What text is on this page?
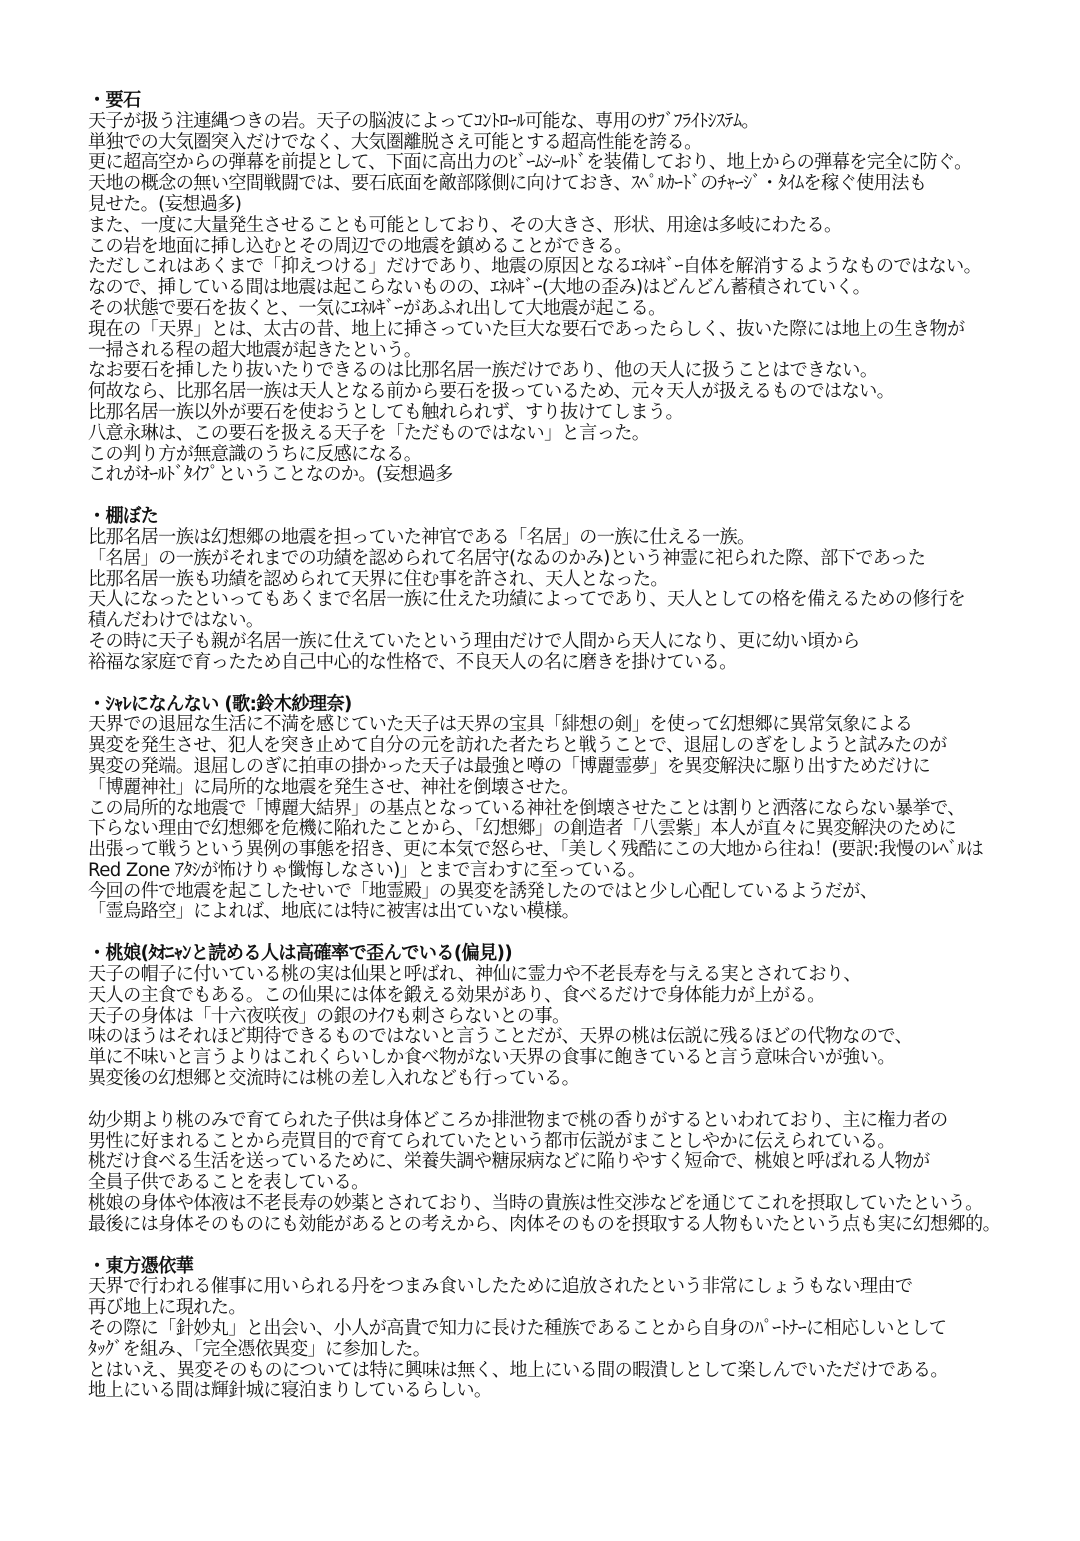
・要石
天子が扱う注連縄つきの岩。天子の脳波によってｺﾝﾄﾛｰﾙ可能な、専用のｻﾌﾞﾌﾗｲﾄｼｽﾃﾑ。
単独での大気圏突入だけでなく、大気圏離脱さえ可能とする超高性能を誇る。
更に超高空からの弾幕を前提として、下面に高出力のﾋﾞｰﾑｼｰﾙﾄﾞを装備しており、地上からの弾幕を完全に防ぐ。
天地の概念の無い空間戦闘では、要石底面を敵部隊側に向けておき、ｽﾍﾟﾙｶｰﾄﾞのﾁｬｰｼﾞ・ﾀｲﾑを稼ぐ使用法も
見せた。(妄想過多)
また、一度に大量発生させることも可能としており、その大きさ、形状、用途は多岐にわたる。
この岩を地面に挿し込むとその周辺での地震を鎮めることができる。
ただしこれはあくまで「抑えつける」だけであり、地震の原因となるｴﾈﾙｷﾞｰ自体を解消するようなものではない。
なので、挿している間は地震は起こらないものの、ｴﾈﾙｷﾞｰ(大地の歪み)はどんどん蓄積されていく。
その状態で要石を抜くと、一気にｴﾈﾙｷﾞｰがあふれ出して大地震が起こる。
現在の「天界」とは、太古の昔、地上に挿さっていた巨大な要石であったらしく、抜いた際には地上の生き物が
一掃される程の超大地震が起きたという。
なお要石を挿したり抜いたりできるのは比那名居一族だけであり、他の天人に扱うことはできない。
何故なら、比那名居一族は天人となる前から要石を扱っているため、元々天人が扱えるものではない。
比那名居一族以外が要石を使おうとしても触れられず、すり抜けてしまう。
八意永琳は、この要石を扱える天子を「ただものではない」と言った。
この判り方が無意識のうちに反感になる。
これがｵｰﾙﾄﾞﾀｲﾌﾟということなのか。(妄想過多
・棚ぼた
比那名居一族は幻想郷の地震を担っていた神官である「名居」の一族に仕える一族。
「名居」の一族がそれまでの功績を認められて名居守(なゐのかみ)という神霊に祀られた際、部下であった
比那名居一族も功績を認められて天界に住む事を許され、天人となった。
天人になったといってもあくまで名居一族に仕えた功績によってであり、天人としての格を備えるための修行を
積んだわけではない。
その時に天子も親が名居一族に仕えていたという理由だけで人間から天人になり、更に幼い頃から
裕福な家庭で育ったため自己中心的な性格で、不良天人の名に磨きを掛けている。
・ｼｬﾚになんない (歌:鈴木紗理奈)
天界での退屈な生活に不満を感じていた天子は天界の宝具「緋想の剣」を使って幻想郷に異常気象による
異変を発生させ、犯人を突き止めて自分の元を訪れた者たちと戦うことで、退屈しのぎをしようと試みたのが
異変の発端。退屈しのぎに拍車の掛かった天子は最強と噂の「博麗霊夢」を異変解決に駆り出すためだけに
「博麗神社」に局所的な地震を発生させ、神社を倒壊させた。
この局所的な地震で「博麗大結界」の基点となっている神社を倒壊させたことは割りと洒落にならない暴挙で、
下らない理由で幻想郷を危機に陥れたことから、「幻想郷」の創造者「八雲紫」本人が直々に異変解決のために
出張って戦うという異例の事態を招き、更に本気で怒らせ、「美しく残酷にこの大地から往ね！(要訳:我慢のﾚﾍﾞﾙは
Red Zone ｱﾀｼが怖けりゃ懺悔しなさい)」とまで言わすに至っている。
今回の件で地震を起こしたせいで「地霊殿」の異変を誘発したのではと少し心配しているようだが、
「霊烏路空」によれば、地底には特に被害は出ていない模様。
・桃娘(ﾀｵﾆｬﾝと読める人は高確率で歪んでいる(偏見))
天子の帽子に付いている桃の実は仙果と呼ばれ、神仙に霊力や不老長寿を与える実とされており、
天人の主食でもある。この仙果には体を鍛える効果があり、食べるだけで身体能力が上がる。
天子の身体は「十六夜咲夜」の銀のﾅｲﾌも刺さらないとの事。
味のほうはそれほど期待できるものではないと言うことだが、天界の桃は伝説に残るほどの代物なので、
単に不味いと言うよりはこれくらいしか食べ物がない天界の食事に飽きていると言う意味合いが強い。
異変後の幻想郷と交流時には桃の差し入れなども行っている。
幼少期より桃のみで育てられた子供は身体どころか排泄物まで桃の香りがするといわれており、主に権力者の
男性に好まれることから売買目的で育てられていたという都市伝説がまことしやかに伝えられている。
桃だけ食べる生活を送っているために、栄養失調や糖尿病などに陥りやすく短命で、桃娘と呼ばれる人物が
全員子供であることを表している。
桃娘の身体や体液は不老長寿の妙薬とされており、当時の貴族は性交渉などを通じてこれを摂取していたという。
最後には身体そのものにも効能があるとの考えから、肉体そのものを摂取する人物もいたという点も実に幻想郷的。
・東方憑依華
天界で行われる催事に用いられる丹をつまみ食いしたために追放されたという非常にしょうもない理由で
再び地上に現れた。
その際に「針妙丸」と出会い、小人が高貴で知力に長けた種族であることから自身のﾊﾟｰﾄﾅｰに相応しいとして
ﾀｯｸﾞを組み、「完全憑依異変」に参加した。
とはいえ、異変そのものについては特に興味は無く、地上にいる間の暇潰しとして楽しんでいただけである。
地上にいる間は輝針城に寝泊まりしているらしい。
